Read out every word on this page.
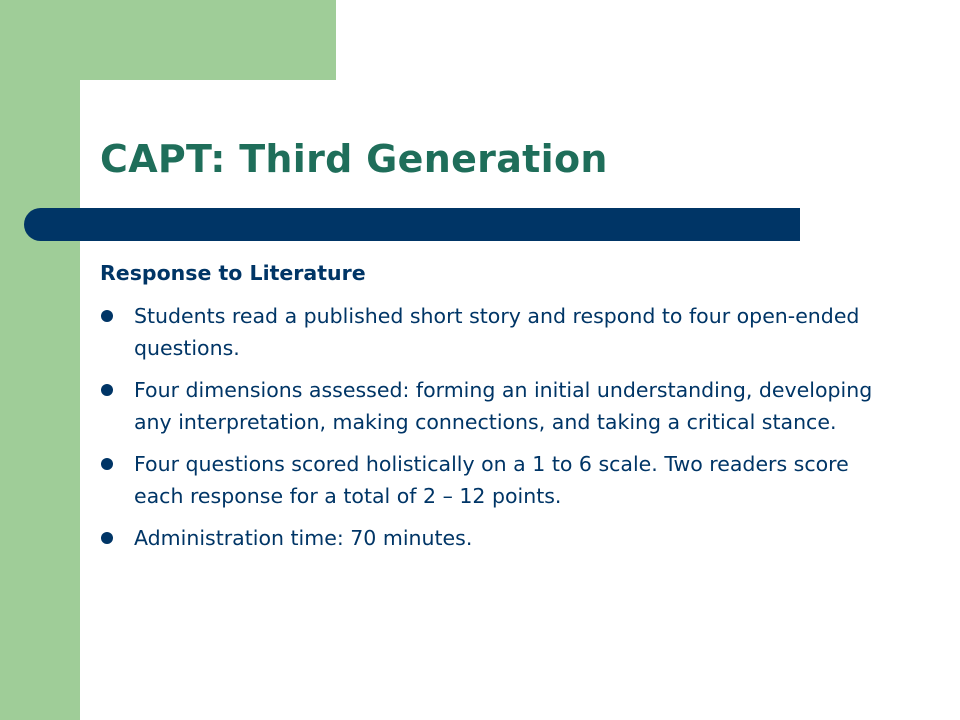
CAPT: Third Generation
Response to Literature
Students read a published short story and respond to four open-ended questions.
Four dimensions assessed: forming an initial understanding, developing any interpretation, making connections, and taking a critical stance.
Four questions scored holistically on a 1 to 6 scale. Two readers score each response for a total of 2 – 12 points.
Administration time: 70 minutes.
